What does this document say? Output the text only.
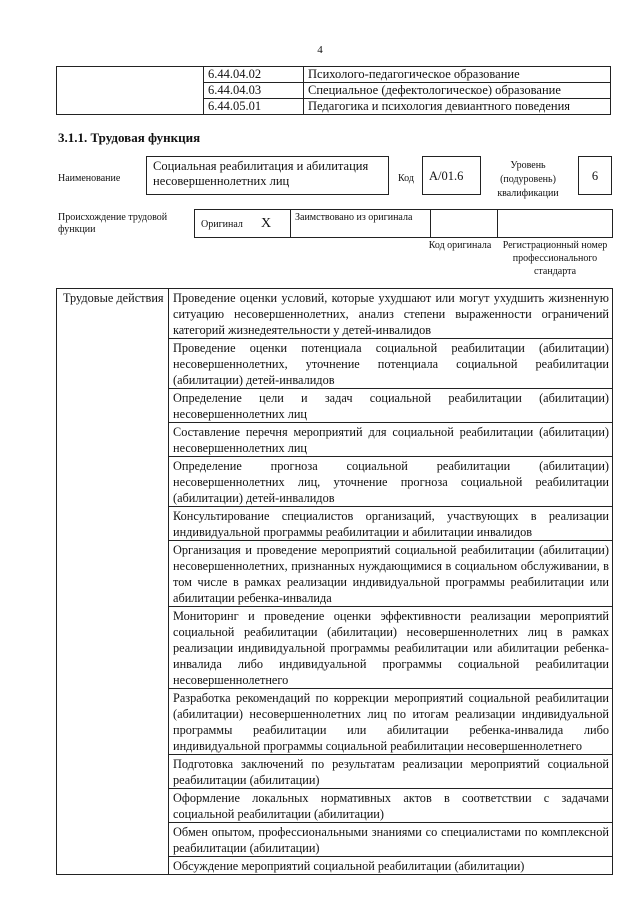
4
	6.44.04.02	Психолого-педагогическое образование
	6.44.04.03	Специальное (дефектологическое) образование
	6.44.05.01	Педагогика и психология девиантного поведения
3.1.1. Трудовая функция
Наименование
Социальная реабилитация и абилитация несовершеннолетних лиц	Код	A/01.6
Уровень (подуровень) квалификации
6
Происхождение трудовой функции	Оригинал X Заимствовано из оригинала
Код оригинала	Регистрационный номер профессионального стандарта
Трудовые действия	Проведение оценки условий, которые ухудшают или могут ухудшить жизненную ситуацию несовершеннолетних, анализ степени выраженности ограничений категорий жизнедеятельности у детей-инвалидов
Проведение оценки потенциала социальной реабилитации (абилитации) несовершеннолетних, уточнение потенциала социальной реабилитации (абилитации) детей-инвалидов
Определение цели и задач социальной реабилитации (абилитации) несовершеннолетних лиц
Составление перечня мероприятий для социальной реабилитации (абилитации) несовершеннолетних лиц
Определение прогноза социальной реабилитации (абилитации) несовершеннолетних лиц, уточнение прогноза социальной реабилитации (абилитации) детей-инвалидов
Консультирование специалистов организаций, участвующих в реализации индивидуальной программы реабилитации и абилитации инвалидов
Организация и проведение мероприятий социальной реабилитации (абилитации) несовершеннолетних, признанных нуждающимися в социальном обслуживании, в том числе в рамках реализации индивидуальной программы реабилитации или абилитации ребенка-инвалида
Мониторинг и проведение оценки эффективности реализации мероприятий социальной реабилитации (абилитации) несовершеннолетних лиц в рамках реализации индивидуальной программы реабилитации или абилитации ребенка-инвалида либо индивидуальной программы социальной реабилитации несовершеннолетнего
Разработка рекомендаций по коррекции мероприятий социальной реабилитации (абилитации) несовершеннолетних лиц по итогам реализации индивидуальной программы реабилитации или абилитации ребенка-инвалида либо индивидуальной программы социальной реабилитации несовершеннолетнего
Подготовка заключений по результатам реализации мероприятий социальной реабилитации (абилитации)
Оформление локальных нормативных актов в соответствии с задачами социальной реабилитации (абилитации)
Обмен опытом, профессиональными знаниями со специалистами по комплексной реабилитации (абилитации)
Обсуждение мероприятий социальной реабилитации (абилитации)
